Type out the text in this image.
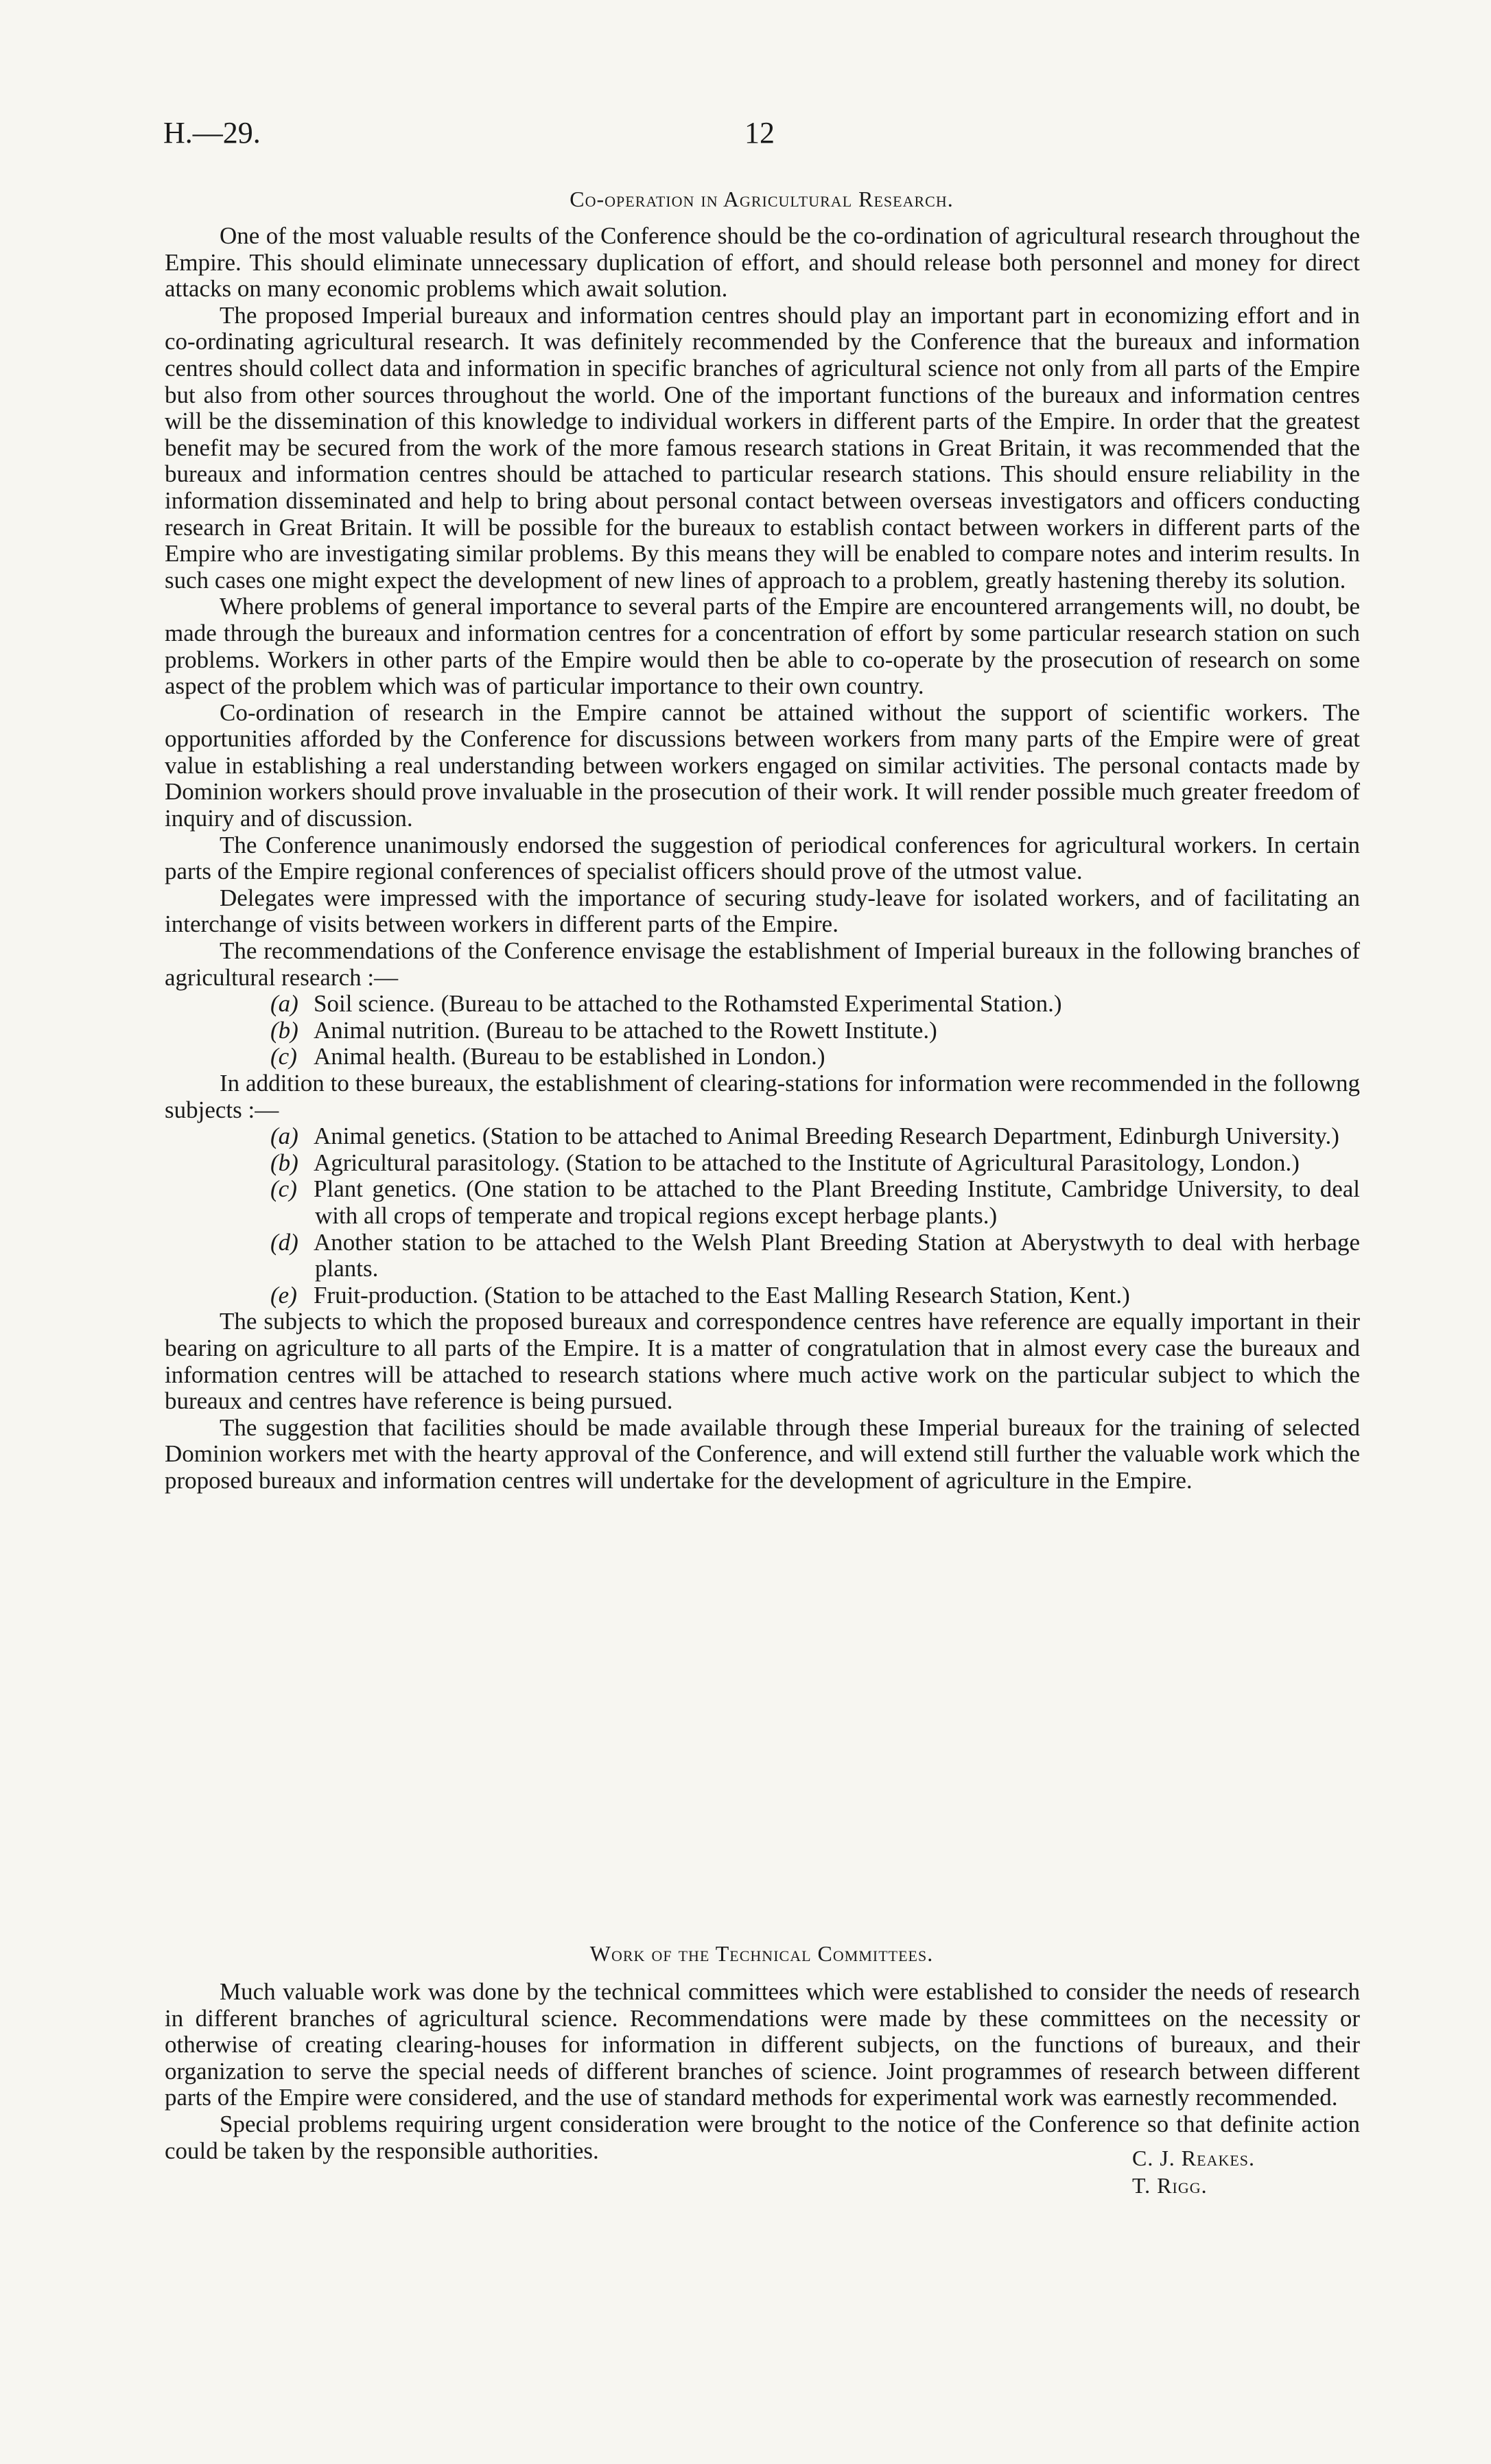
H.—29.	12
Co-operation in Agricultural Research.

One of the most valuable results of the Conference should be the co-ordination of agricultural research throughout the Empire. This should eliminate unnecessary duplication of effort, and should release both personnel and money for direct attacks on many economic problems which await solution.

The proposed Imperial bureaux and information centres should play an important part in economizing effort and in co-ordinating agricultural research. It was definitely recommended by the Conference that the bureaux and information centres should collect data and information in specific branches of agricultural science not only from all parts of the Empire but also from other sources throughout the world. One of the important functions of the bureaux and information centres will be the dissemination of this knowledge to individual workers in different parts of the Empire. In order that the greatest benefit may be secured from the work of the more famous research stations in Great Britain, it was recommended that the bureaux and information centres should be attached to particular research stations. This should ensure reliability in the information disseminated and help to bring about personal contact between overseas investigators and officers conducting research in Great Britain. It will be possible for the bureaux to establish contact between workers in different parts of the Empire who are investigating similar problems. By this means they will be enabled to compare notes and interim results. In such cases one might expect the development of new lines of approach to a problem, greatly hastening thereby its solution.

Where problems of general importance to several parts of the Empire are encountered arrangements will, no doubt, be made through the bureaux and information centres for a concentration of effort by some particular research station on such problems. Workers in other parts of the Empire would then be able to co-operate by the prosecution of research on some aspect of the problem which was of particular importance to their own country.

Co-ordination of research in the Empire cannot be attained without the support of scientific workers. The opportunities afforded by the Conference for discussions between workers from many parts of the Empire were of great value in establishing a real understanding between workers engaged on similar activities. The personal contacts made by Dominion workers should prove invaluable in the prosecution of their work. It will render possible much greater freedom of inquiry and of discussion.

The Conference unanimously endorsed the suggestion of periodical conferences for agricultural workers. In certain parts of the Empire regional conferences of specialist officers should prove of the utmost value.

Delegates were impressed with the importance of securing study-leave for isolated workers, and of facilitating an interchange of visits between workers in different parts of the Empire.

The recommendations of the Conference envisage the establishment of Imperial bureaux in the following branches of agricultural research :—

(a) Soil science. (Bureau to be attached to the Rothamsted Experimental Station.)
(b) Animal nutrition. (Bureau to be attached to the Rowett Institute.)
(c) Animal health. (Bureau to be established in London.)

In addition to these bureaux, the establishment of clearing-stations for information were recommended in the followng subjects :—

(a) Animal genetics. (Station to be attached to Animal Breeding Research Department, Edinburgh University.)
(b) Agricultural parasitology. (Station to be attached to the Institute of Agricultural Parasitology, London.)
(c) Plant genetics. (One station to be attached to the Plant Breeding Institute, Cambridge University, to deal with all crops of temperate and tropical regions except herbage plants.)
(d) Another station to be attached to the Welsh Plant Breeding Station at Aberystwyth to deal with herbage plants.
(e) Fruit-production. (Station to be attached to the East Malling Research Station, Kent.)

The subjects to which the proposed bureaux and correspondence centres have reference are equally important in their bearing on agriculture to all parts of the Empire. It is a matter of congratulation that in almost every case the bureaux and information centres will be attached to research stations where much active work on the particular subject to which the bureaux and centres have reference is being pursued.

The suggestion that facilities should be made available through these Imperial bureaux for the training of selected Dominion workers met with the hearty approval of the Conference, and will extend still further the valuable work which the proposed bureaux and information centres will undertake for the development of agriculture in the Empire.

Work of the Technical Committees.

Much valuable work was done by the technical committees which were established to consider the needs of research in different branches of agricultural science. Recommendations were made by these committees on the necessity or otherwise of creating clearing-houses for information in different subjects, on the functions of bureaux, and their organization to serve the special needs of different branches of science. Joint programmes of research between different parts of the Empire were considered, and the use of standard methods for experimental work was earnestly recommended.

Special problems requiring urgent consideration were brought to the notice of the Conference so that definite action could be taken by the responsible authorities.	C. J. Reakes.
T. Rigg.
